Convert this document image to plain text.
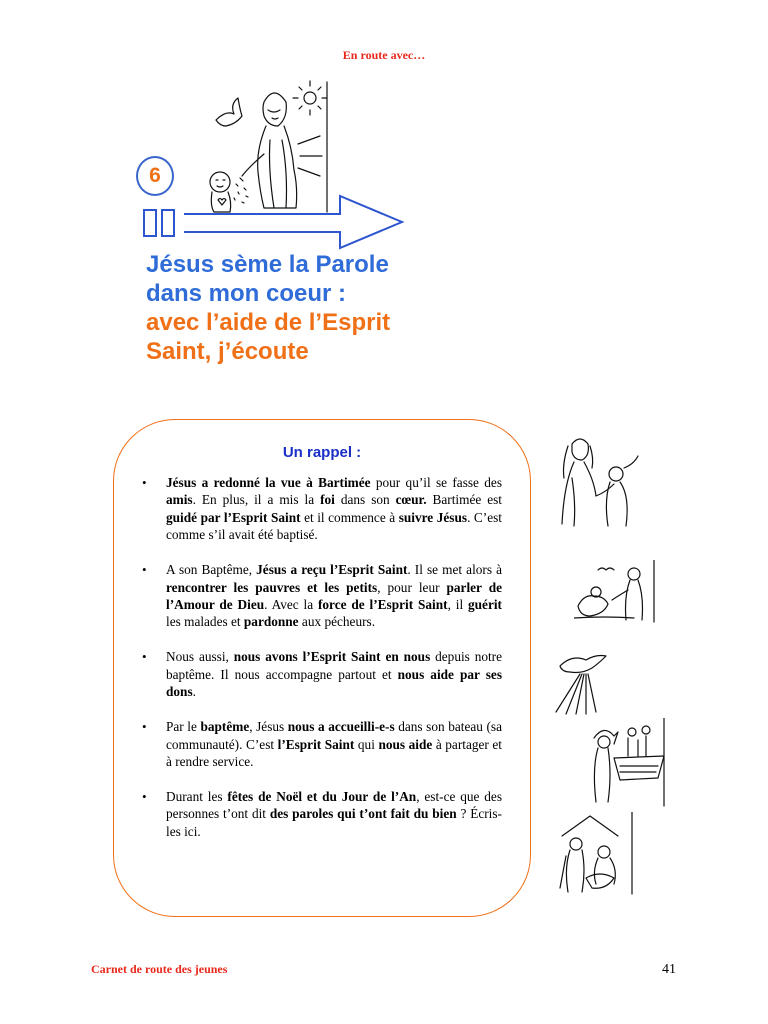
En route avec…
6
Jésus sème la Parole
dans mon coeur :
avec l’aide de l’Esprit
Saint, j’écoute
Un rappel :
• Jésus a redonné la vue à Bartimée pour qu’il se fasse des amis. En plus, il a mis la foi dans son cœur. Bartimée est guidé par l’Esprit Saint et il commence à suivre Jésus. C’est comme s’il avait été baptisé.
• A son Baptême, Jésus a reçu l’Esprit Saint. Il se met alors à rencontrer les pauvres et les petits, pour leur parler de l’Amour de Dieu. Avec la force de l’Esprit Saint, il guérit les malades et pardonne aux pécheurs.
• Nous aussi, nous avons l’Esprit Saint en nous depuis notre baptême. Il nous accompagne partout et nous aide par ses dons.
• Par le baptême, Jésus nous a accueilli-e-s dans son bateau (sa communauté). C’est l’Esprit Saint qui nous aide à partager et à rendre service.
• Durant les fêtes de Noël et du Jour de l’An, est-ce que des personnes t’ont dit des paroles qui t’ont fait du bien ? Écris-les ici.
Carnet de route des jeunes	41
